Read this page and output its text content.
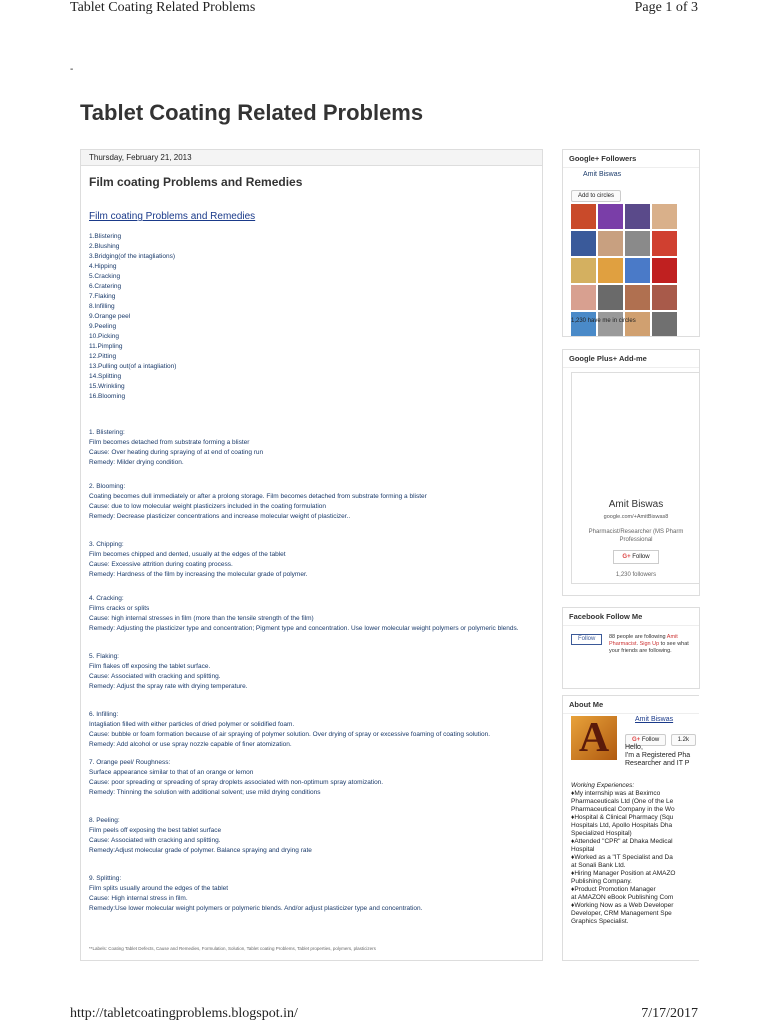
Tablet Coating Related Problems	Page 1 of 3
-
Tablet Coating Related Problems
Thursday, February 21, 2013
Film coating Problems and Remedies
Film coating Problems and Remedies
1.Blistering
2.Blushing
3.Bridging(of the intagliations)
4.Hipping
5.Cracking
6.Cratering
7.Flaking
8.Infilling
9.Orange peel
9.Peeling
10.Picking
11.Pimpling
12.Pitting
13.Pulling out(of a intagliation)
14.Splitting
15.Wrinkling
16.Blooming
1. Blistering:
Film becomes detached from substrate forming a blister
Cause: Over heating during spraying of at end of coating run
Remedy: Milder drying condition.
2. Blooming:
Coating becomes dull immediately or after a prolong storage. Film becomes detached from substrate forming a blister
Cause: due to low molecular weight plasticizers included in the coating formulation
Remedy: Decrease plasticizer concentrations and increase molecular weight of plasticizer..
3. Chipping:
Film becomes chipped and dented, usually at the edges of the tablet
Cause: Excessive attrition during coating process.
Remedy: Hardness of the film by increasing the molecular grade of polymer.
4. Cracking:
Films cracks or splits
Cause: high internal stresses in film (more than the tensile strength of the film)
Remedy: Adjusting the plasticizer type and concentration; Pigment type and concentration. Use lower molecular weight polymers or polymeric blends.
5. Flaking:
Film flakes off exposing the tablet surface.
Cause: Associated with cracking and splitting.
Remedy: Adjust the spray rate with drying temperature.
6. Infilling:
Intagliation filled with either particles of dried polymer or solidified foam.
Cause: bubble or foam formation because of air spraying of polymer solution. Over drying of spray or excessive foaming of coating solution.
Remedy: Add alcohol or use spray nozzle capable of finer atomization.
7. Orange peel/ Roughness:
Surface appearance similar to that of an orange or lemon
Cause: poor spreading or spreading of spray droplets associated with non-optimum spray atomization.
Remedy: Thinning the solution with additional solvent; use mild drying conditions
8. Peeling:
Film peels off exposing the best tablet surface
Cause: Associated with cracking and splitting.
Remedy:Adjust molecular grade of polymer. Balance spraying and drying rate
9. Splitting:
Film splits usually around the edges of the tablet
Cause: High internal stress in film.
Remedy:Use lower molecular weight polymers or polymeric blends. And/or adjust plasticizer type and concentration.
**Labels: Coating Tablet Defects, Cause and Remedies, Formulation, Solution, Tablet coating Problems, Tablet properties, polymers, plasticizers
Google+ Followers
Amit Biswas
Add to circles
1,230 have me in circles
Google Plus+ Add-me
Amit Biswas
google.com/+AmitBiswas8
Pharmacist/Researcher (MS Pharm
Professional
G+ Follow
1,230 followers
Facebook Follow Me
Follow 88 people are following Amit Pharmacist. Sign Up to see what your friends are following.
About Me
A	Amit Biswas
G+ Follow	1.2k
Hello,
I'm a Registered Pha
Researcher and IT P
Working Experiences:
♦My internship was at Beximco
Pharmaceuticals Ltd (One of the Le
Pharmaceutical Company in the Wo
♦Hospital & Clinical Pharmacy (Squ
Hospitals Ltd, Apollo Hospitals Dha
Specialized Hospital)
♦Attended "CPR" at Dhaka Medical
Hospital
♦Worked as a "IT Specialist and Da
at Sonali Bank Ltd.
♦Hiring Manager Position at AMAZO
Publishing Company.
♦Product Promotion Manager
at AMAZON eBook Publishing Com
♦Working Now as a Web Developer
Developer, CRM Management Spe
Graphics Specialist.
http://tabletcoatingproblems.blogspot.in/	7/17/2017
